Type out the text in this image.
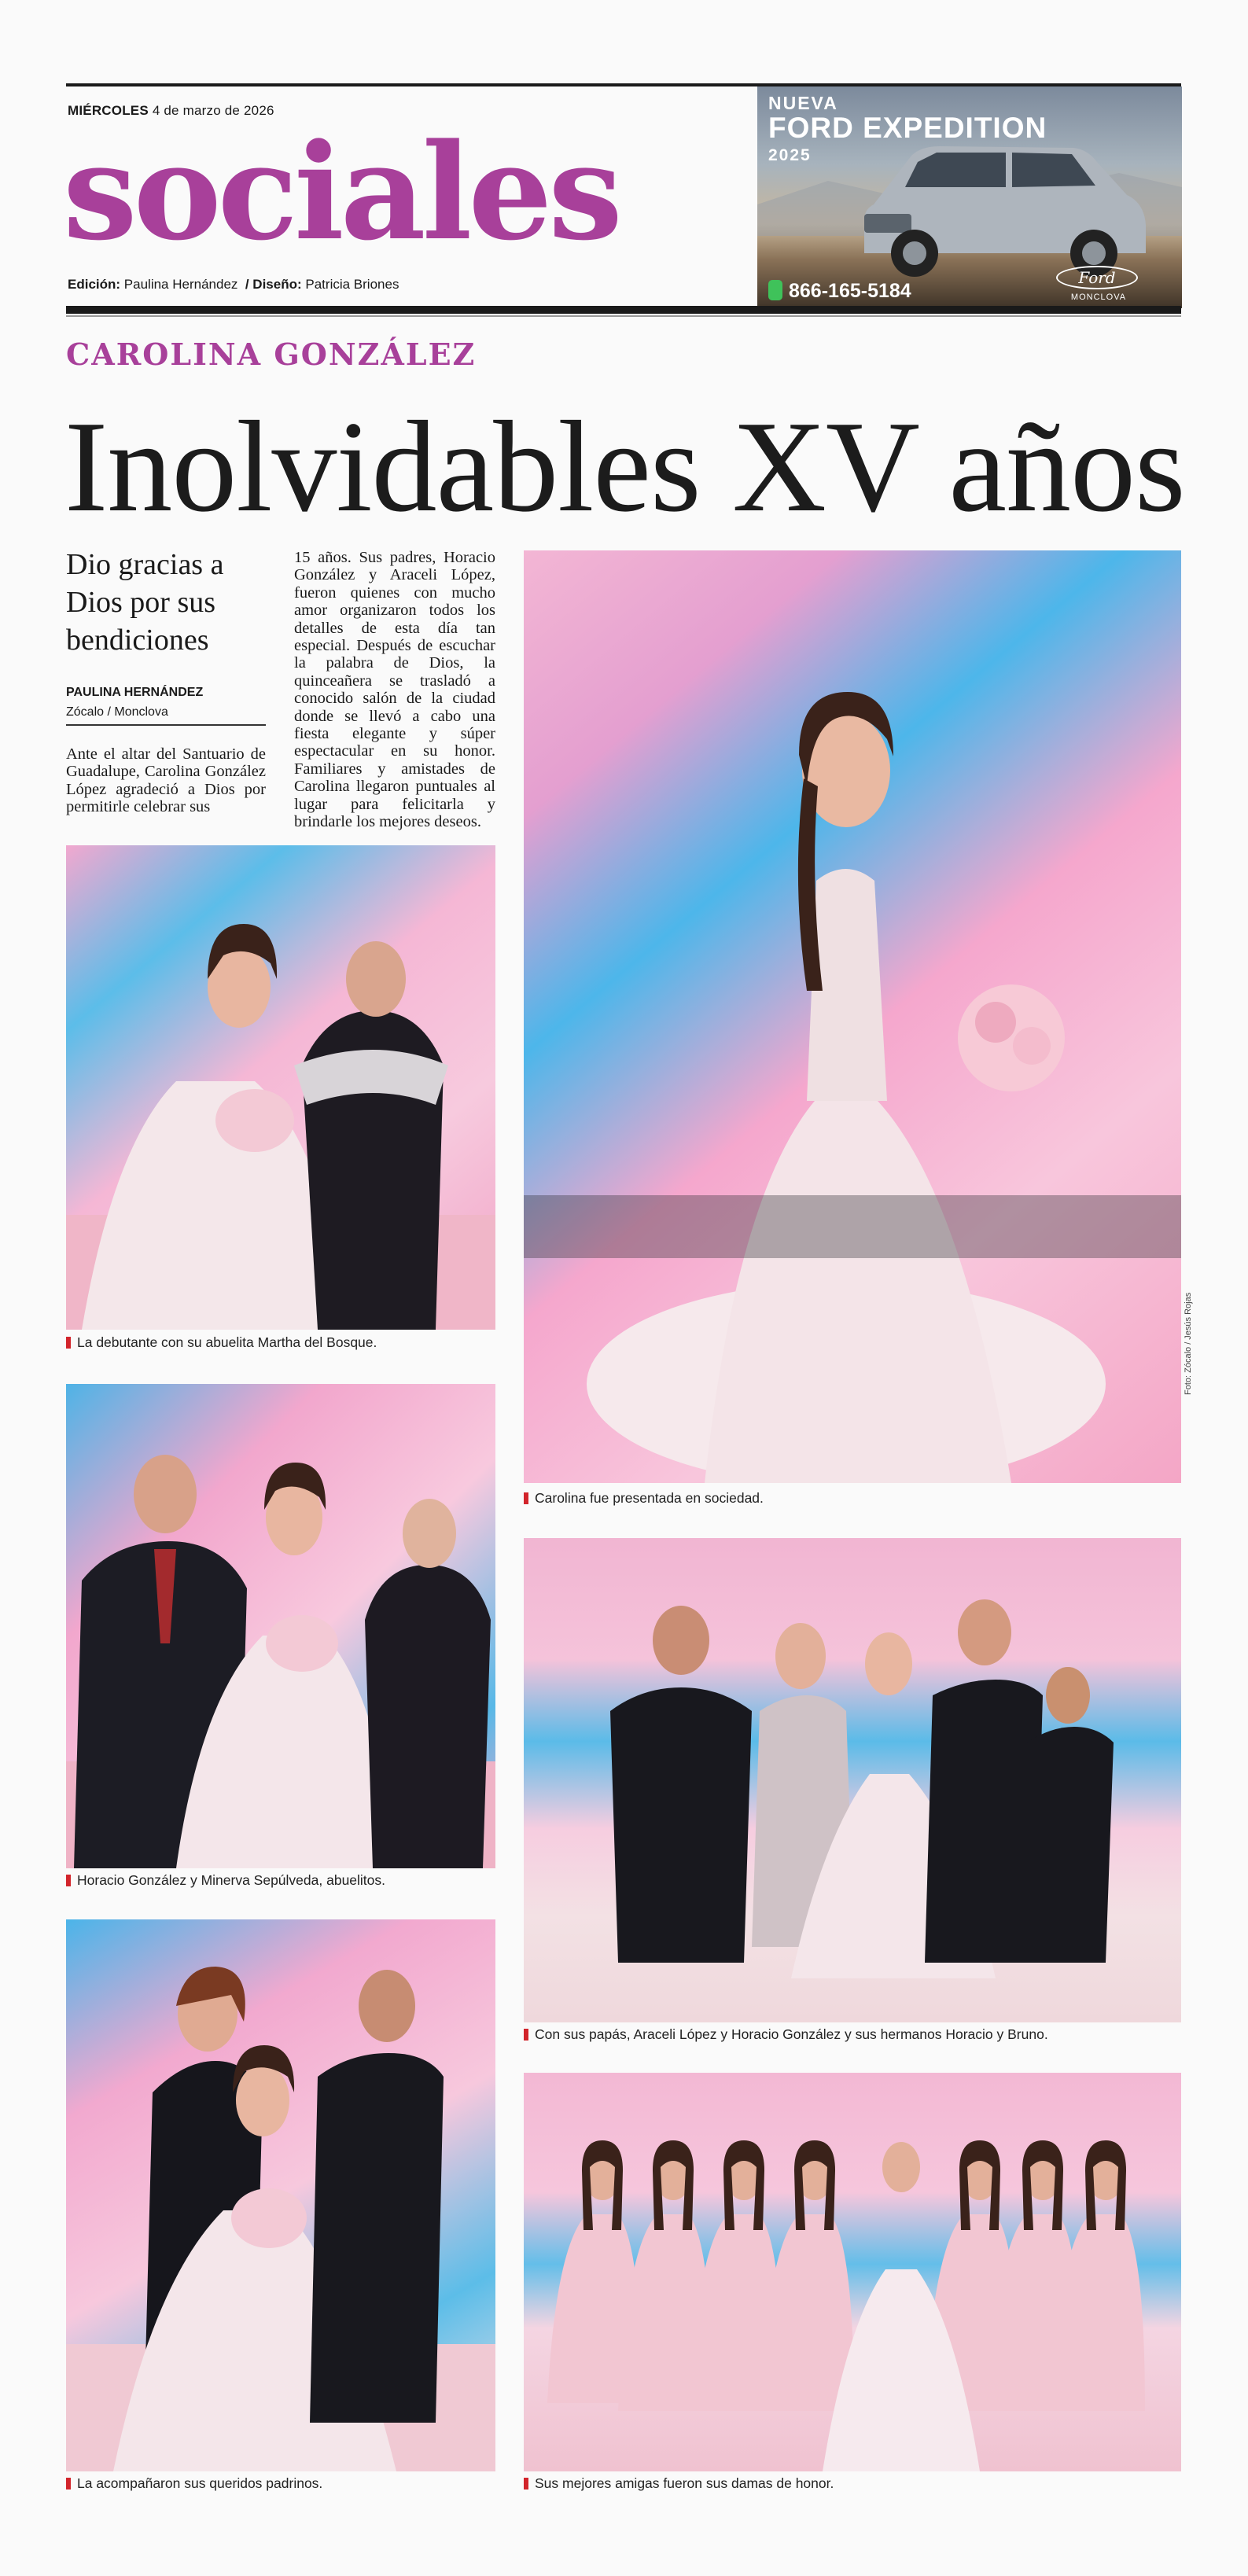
MIÉRCOLES 4 de marzo de 2026
sociales
Edición: Paulina Hernández / Diseño: Patricia Briones
NUEVA
FORD EXPEDITION
2025
866-165-5184
Ford
MONCLOVA
CAROLINA GONZÁLEZ
Inolvidables XV años
Dio gracias a Dios por sus bendiciones
PAULINA HERNÁNDEZ
Zócalo / Monclova

Ante el altar del Santuario de Guadalupe, Carolina González López agradeció a Dios por permitirle celebrar sus

15 años. Sus padres, Horacio González y Araceli López, fueron quienes con mucho amor organizaron todos los detalles de esta día tan especial. Después de escuchar la palabra de Dios, la quinceañera se trasladó a conocido salón de la ciudad donde se llevó a cabo una fiesta elegante y súper espectacular en su honor. Familiares y amistades de Carolina llegaron puntuales al lugar para felicitarla y brindarle los mejores deseos.

Carolina fue presentada en sociedad.
Foto: Zócalo / Jesús Rojas
La debutante con su abuelita Martha del Bosque.
Horacio González y Minerva Sepúlveda, abuelitos.
Con sus papás, Araceli López y Horacio González y sus hermanos Horacio y Bruno.
La acompañaron sus queridos padrinos.	Sus mejores amigas fueron sus damas de honor.
